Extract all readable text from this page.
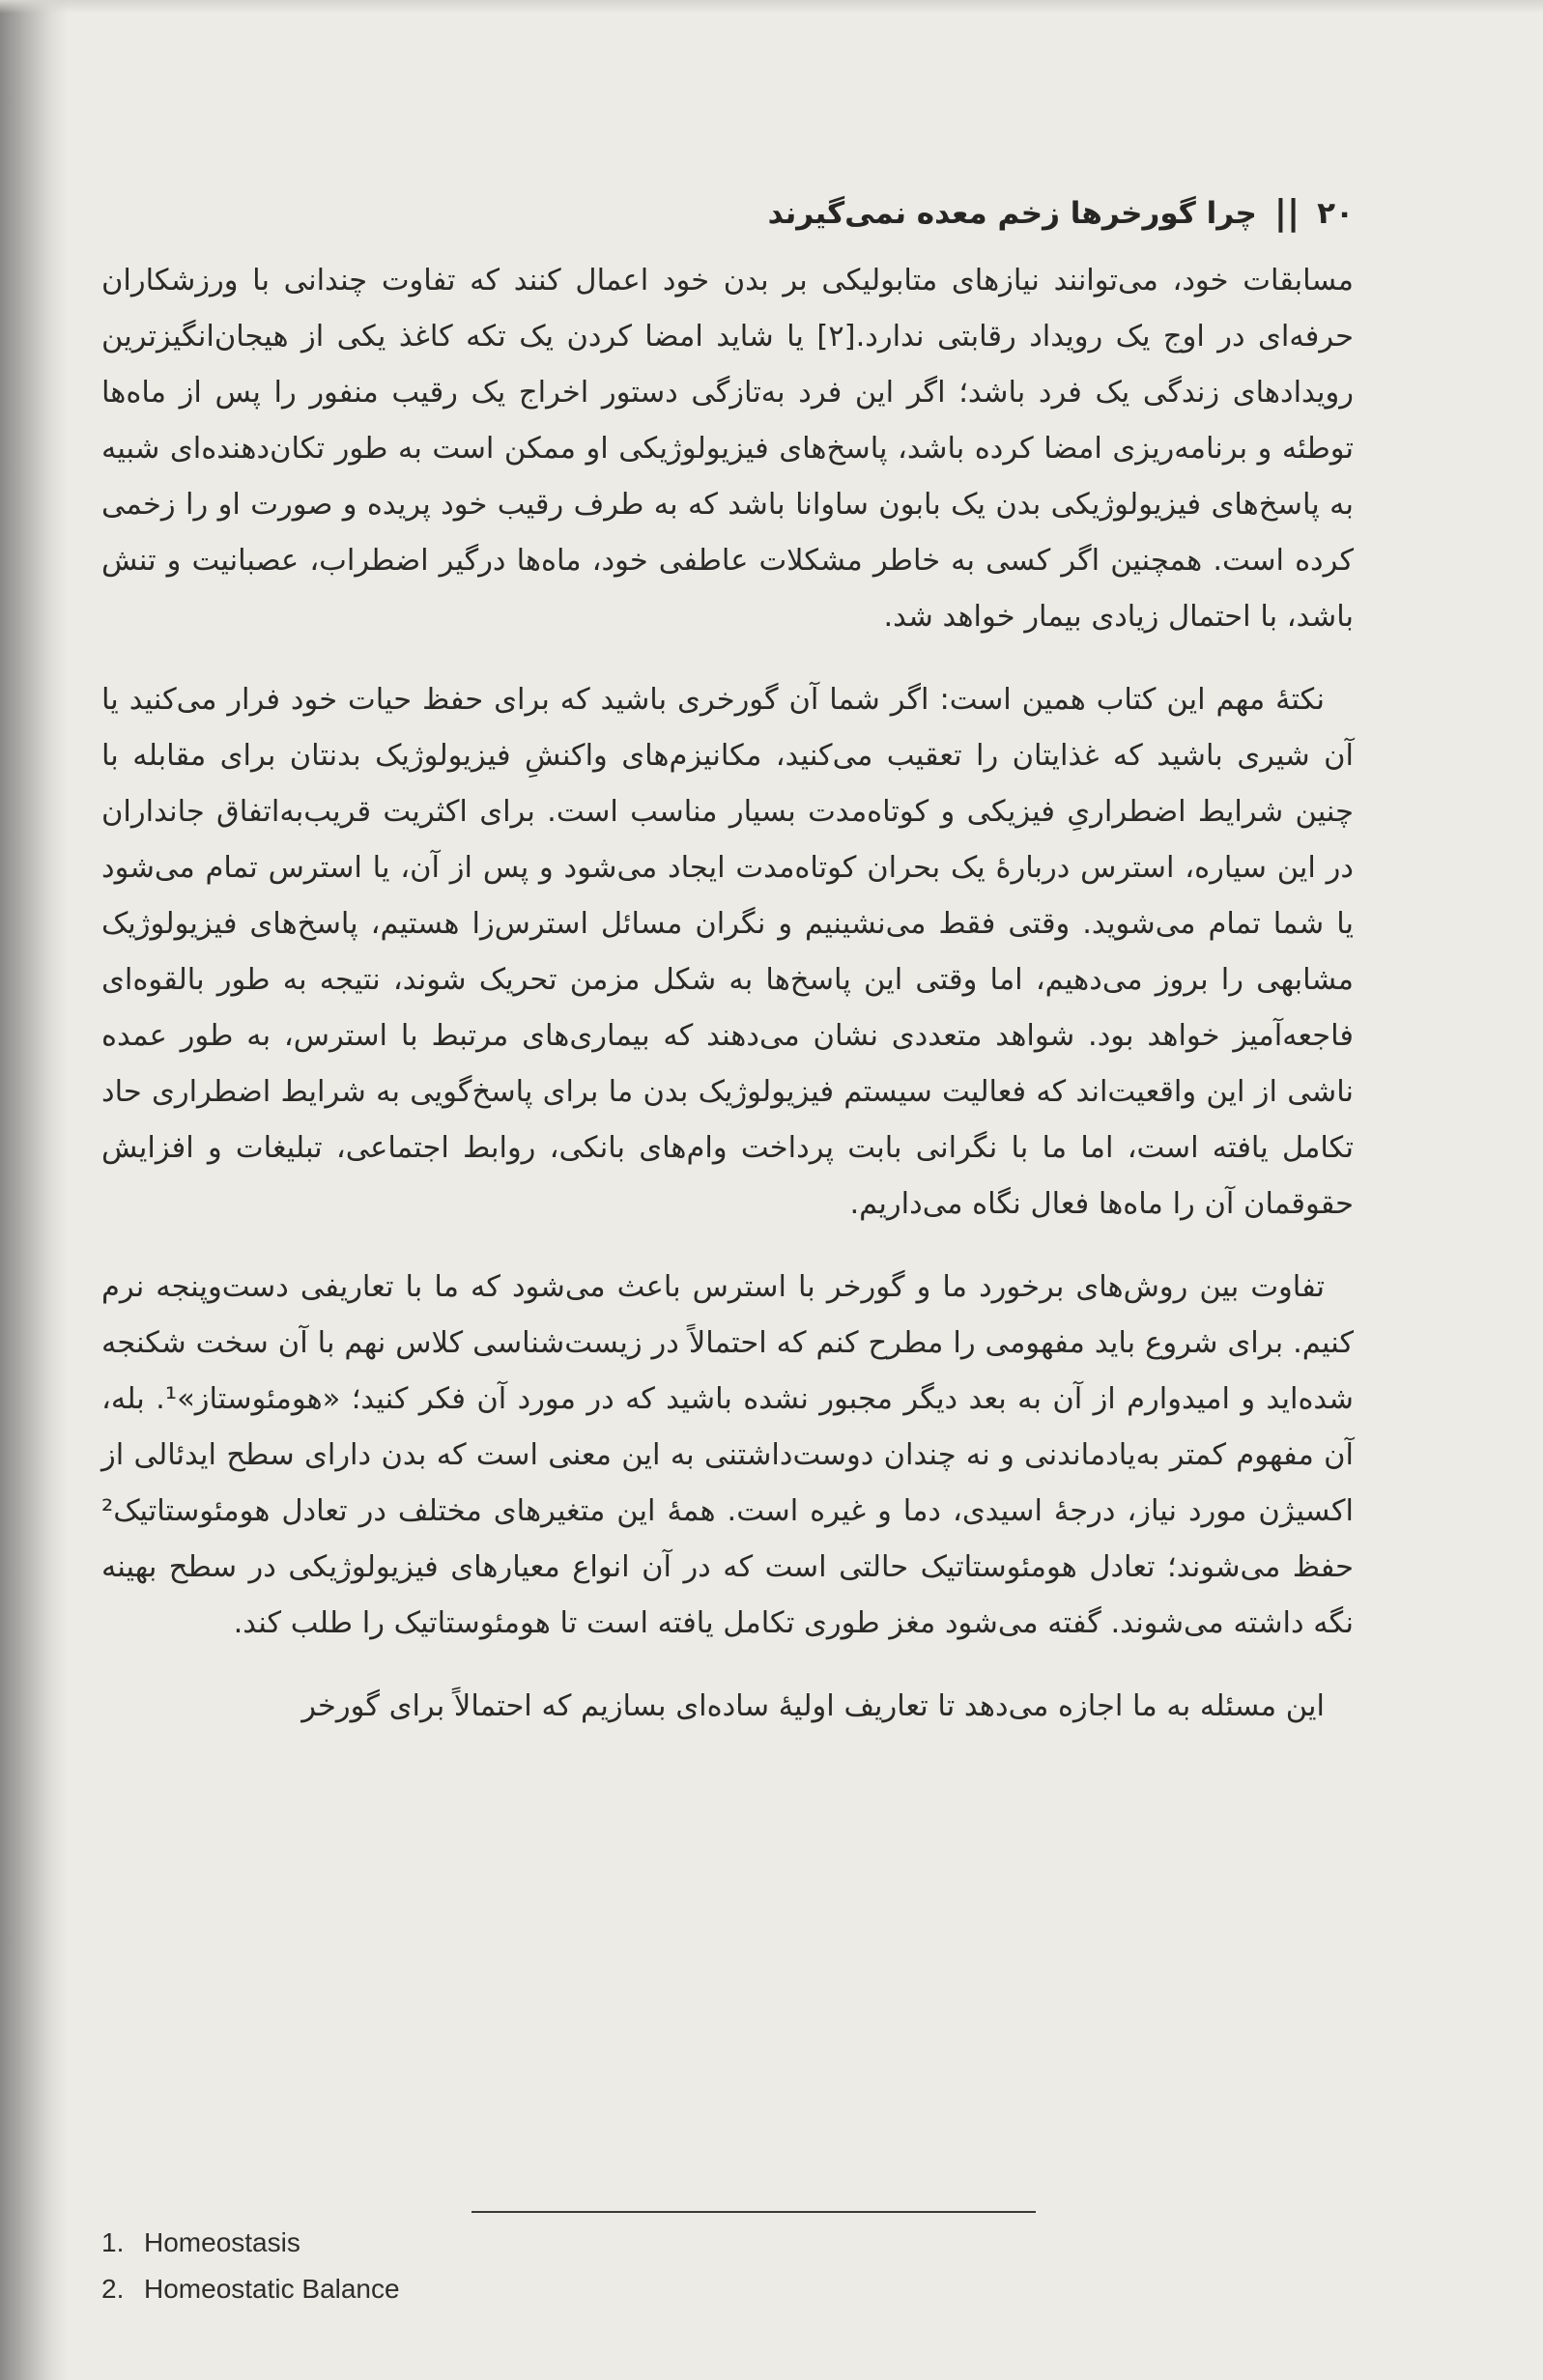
۲۰
||
چرا گورخرها زخم معده نمی‌گیرند

مسابقات خود، می‌توانند نیازهای متابولیکی بر بدن خود اعمال کنند که تفاوت چندانی با ورزشکاران حرفه‌ای در اوج یک رویداد رقابتی ندارد.[۲] یا شاید امضا کردن یک تکه کاغذ یکی از هیجان‌انگیزترین رویدادهای زندگی یک فرد باشد؛ اگر این فرد به‌تازگی دستور اخراج یک رقیب منفور را پس از ماه‌ها توطئه و برنامه‌ریزی امضا کرده باشد، پاسخ‌های فیزیولوژیکی او ممکن است به طور تکان‌دهنده‌ای شبیه به پاسخ‌های فیزیولوژیکی بدن یک بابون ساوانا باشد که به طرف رقیب خود پریده و صورت او را زخمی کرده است. همچنین اگر کسی به خاطر مشکلات عاطفی خود، ماه‌ها درگیر اضطراب، عصبانیت و تنش باشد، با احتمال زیادی بیمار خواهد شد.

نکتهٔ مهم این کتاب همین است: اگر شما آن گورخری باشید که برای حفظ حیات خود فرار می‌کنید یا آن شیری باشید که غذایتان را تعقیب می‌کنید، مکانیزم‌های واکنشِ فیزیولوژیک بدنتان برای مقابله با چنین شرایط اضطراریِ فیزیکی و کوتاه‌مدت بسیار مناسب است. برای اکثریت قریب‌به‌اتفاق جانداران در این سیاره، استرس دربارهٔ یک بحران کوتاه‌مدت ایجاد می‌شود و پس از آن، یا استرس تمام می‌شود یا شما تمام می‌شوید. وقتی فقط می‌نشینیم و نگران مسائل استرس‌زا هستیم، پاسخ‌های فیزیولوژیک مشابهی را بروز می‌دهیم، اما وقتی این پاسخ‌ها به شکل مزمن تحریک شوند، نتیجه به طور بالقوه‌ای فاجعه‌آمیز خواهد بود. شواهد متعددی نشان می‌دهند که بیماری‌های مرتبط با استرس، به طور عمده ناشی از این واقعیت‌اند که فعالیت سیستم فیزیولوژیک بدن ما برای پاسخ‌گویی به شرایط اضطراری حاد تکامل یافته است، اما ما با نگرانی بابت پرداخت وام‌های بانکی، روابط اجتماعی، تبلیغات و افزایش حقوقمان آن را ماه‌ها فعال نگاه می‌داریم.

تفاوت بین روش‌های برخورد ما و گورخر با استرس باعث می‌شود که ما با تعاریفی دست‌وپنجه نرم کنیم. برای شروع باید مفهومی را مطرح کنم که احتمالاً در زیست‌شناسی کلاس نهم با آن سخت شکنجه شده‌اید و امیدوارم از آن به بعد دیگر مجبور نشده باشید که در مورد آن فکر کنید؛ «هومئوستاز»¹. بله، آن مفهوم کمتر به‌یادماندنی و نه چندان دوست‌داشتنی به این معنی است که بدن دارای سطح ایدئالی از اکسیژن مورد نیاز، درجهٔ اسیدی، دما و غیره است. همهٔ این متغیرهای مختلف در تعادل هومئوستاتیک² حفظ می‌شوند؛ تعادل هومئوستاتیک حالتی است که در آن انواع معیارهای فیزیولوژیکی در سطح بهینه نگه داشته می‌شوند. گفته می‌شود مغز طوری تکامل یافته است تا هومئوستاتیک را طلب کند.

این مسئله به ما اجازه می‌دهد تا تعاریف اولیهٔ ساده‌ای بسازیم که احتمالاً برای گورخر

1. Homeostasis
2. Homeostatic Balance
